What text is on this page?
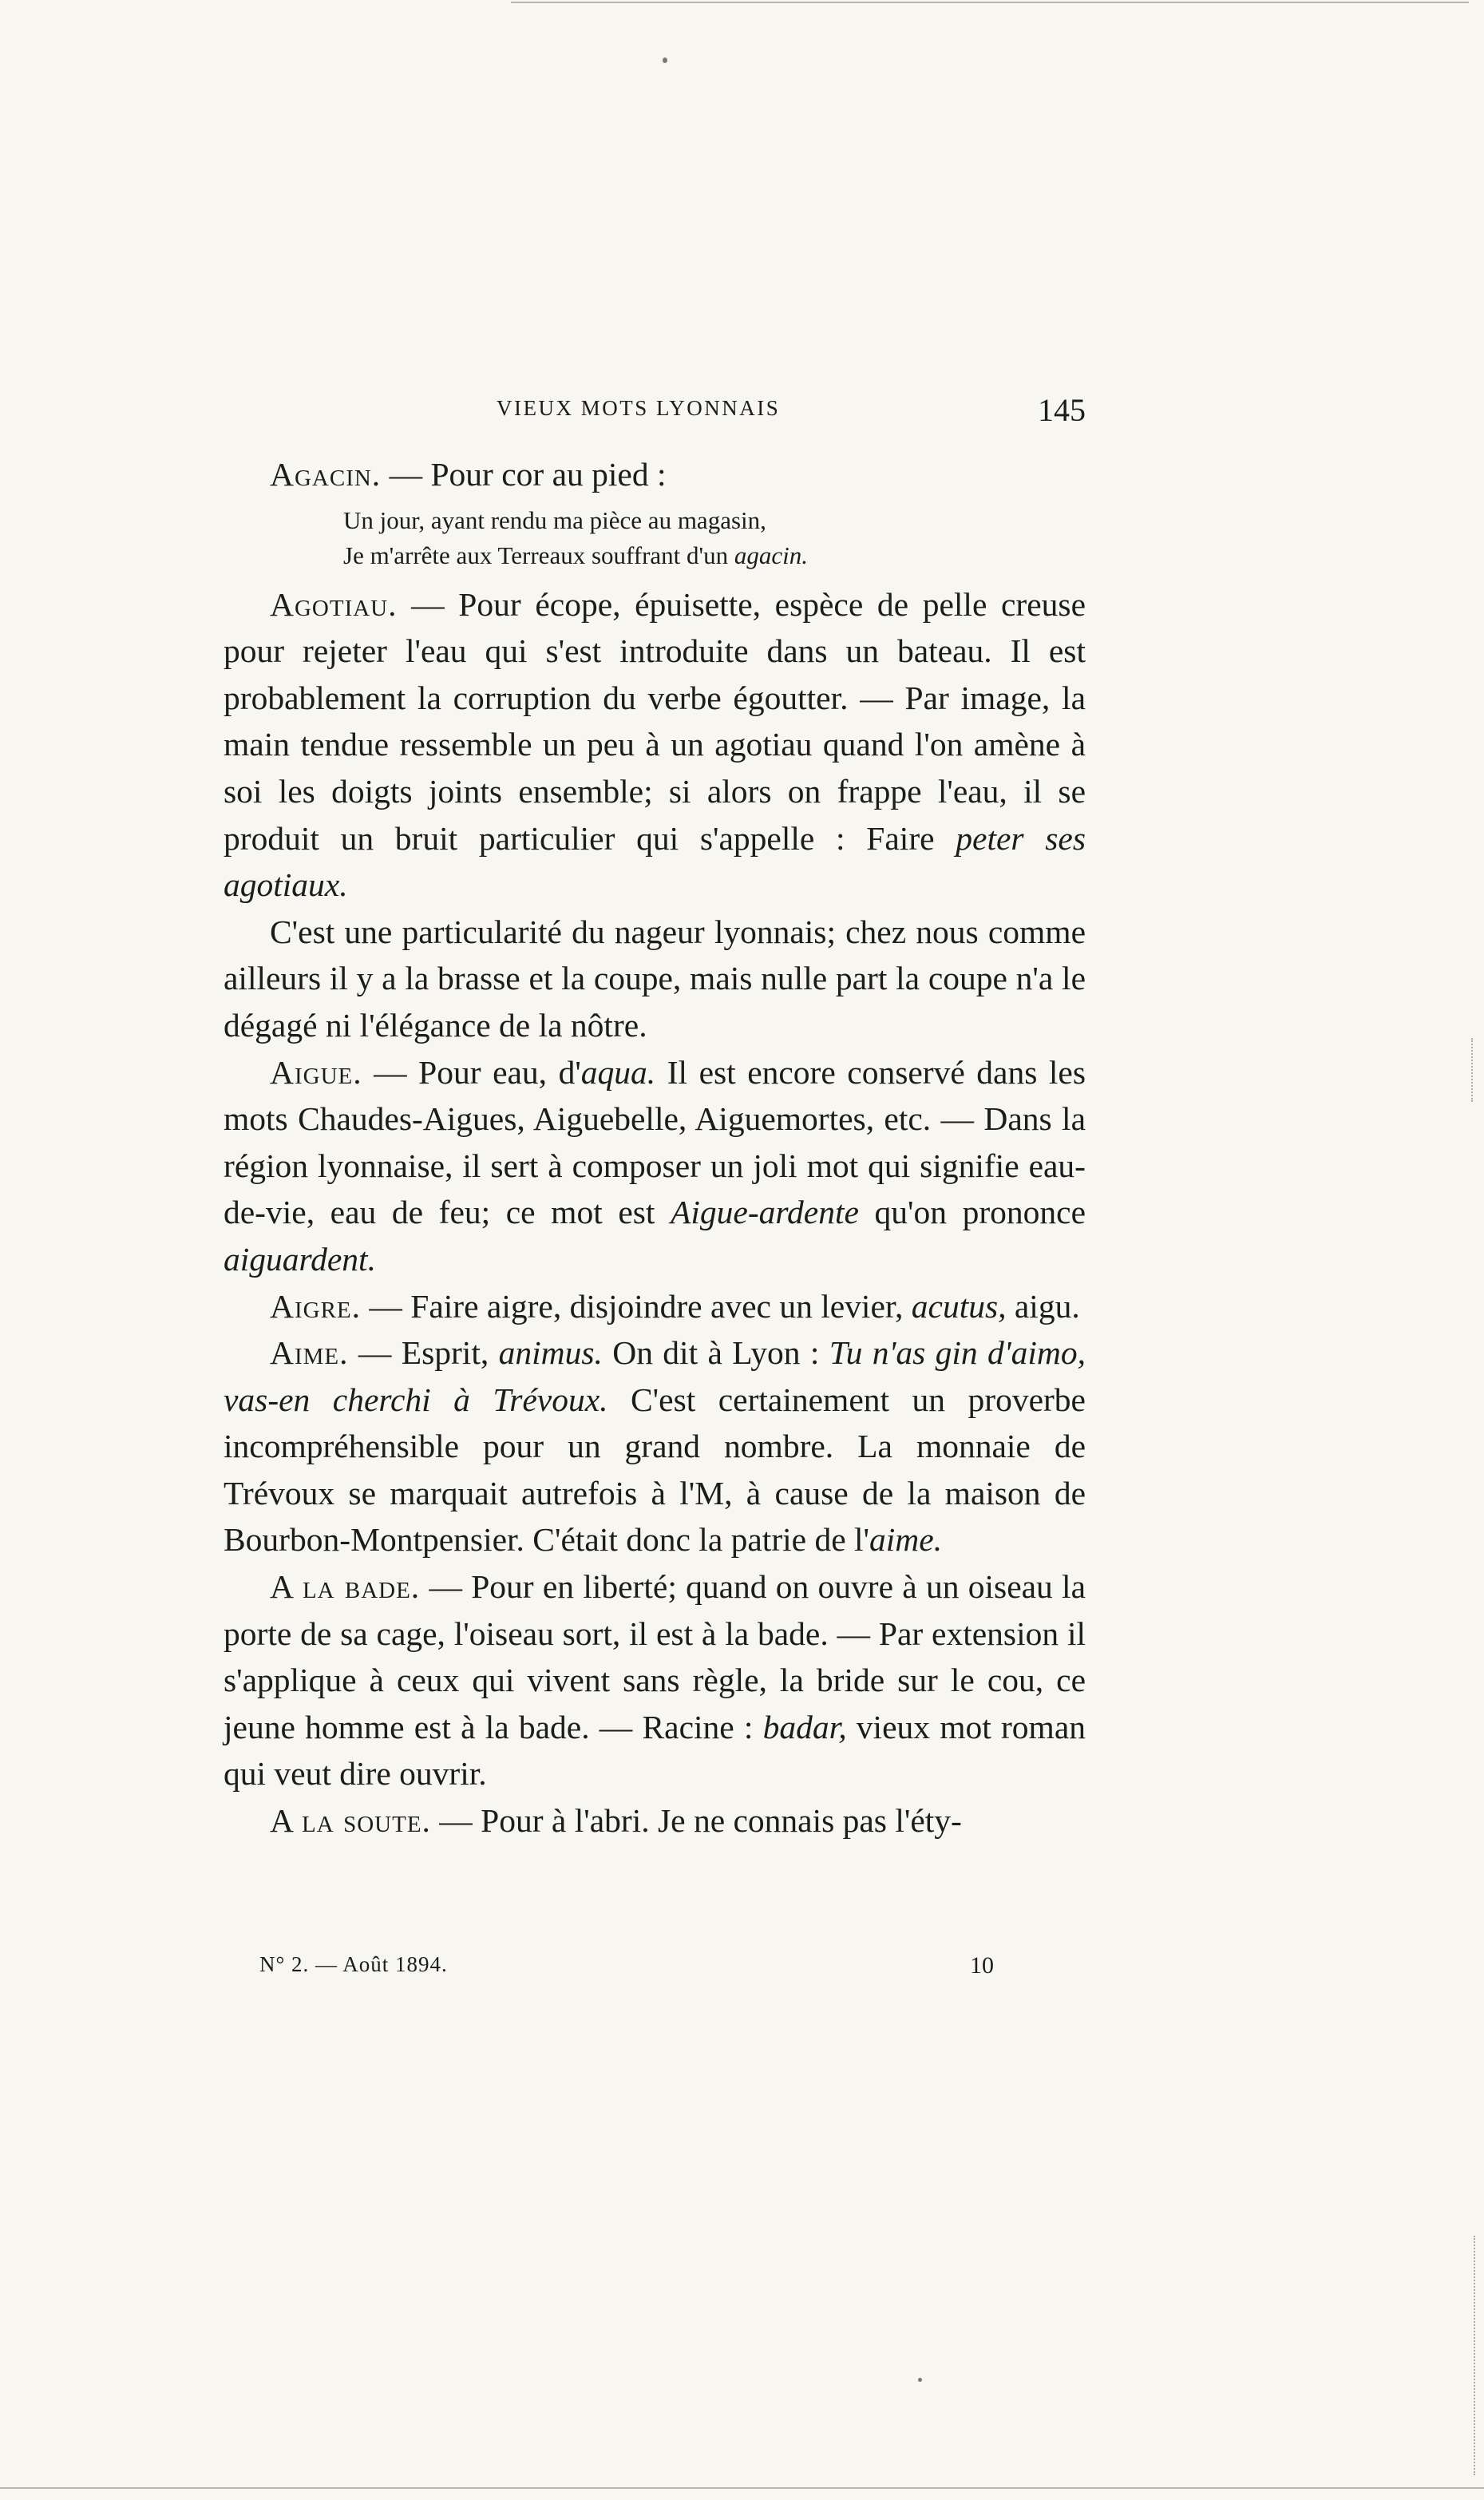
VIEUX MOTS LYONNAIS	145

Agacin. — Pour cor au pied :

Un jour, ayant rendu ma pièce au magasin,
Je m'arrête aux Terreaux souffrant d'un agacin.

Agotiau. — Pour écope, épuisette, espèce de pelle creuse pour rejeter l'eau qui s'est introduite dans un bateau. Il est probablement la corruption du verbe égoutter. — Par image, la main tendue ressemble un peu à un agotiau quand l'on amène à soi les doigts joints ensemble; si alors on frappe l'eau, il se produit un bruit particulier qui s'appelle : Faire peter ses agotiaux.

C'est une particularité du nageur lyonnais; chez nous comme ailleurs il y a la brasse et la coupe, mais nulle part la coupe n'a le dégagé ni l'élégance de la nôtre.

Aigue. — Pour eau, d'aqua. Il est encore conservé dans les mots Chaudes-Aigues, Aiguebelle, Aiguemortes, etc. — Dans la région lyonnaise, il sert à composer un joli mot qui signifie eau-de-vie, eau de feu; ce mot est Aigue-ardente qu'on prononce aiguardent.

Aigre. — Faire aigre, disjoindre avec un levier, acutus, aigu.

Aime. — Esprit, animus. On dit à Lyon : Tu n'as gin d'aimo, vas-en cherchi à Trévoux. C'est certainement un proverbe incompréhensible pour un grand nombre. La monnaie de Trévoux se marquait autrefois à l'M, à cause de la maison de Bourbon-Montpensier. C'était donc la patrie de l'aime.

A la bade. — Pour en liberté; quand on ouvre à un oiseau la porte de sa cage, l'oiseau sort, il est à la bade. — Par extension il s'applique à ceux qui vivent sans règle, la bride sur le cou, ce jeune homme est à la bade. — Racine : badar, vieux mot roman qui veut dire ouvrir.

A la soute. — Pour à l'abri. Je ne connais pas l'éty-

N° 2. — Août 1894.	10
